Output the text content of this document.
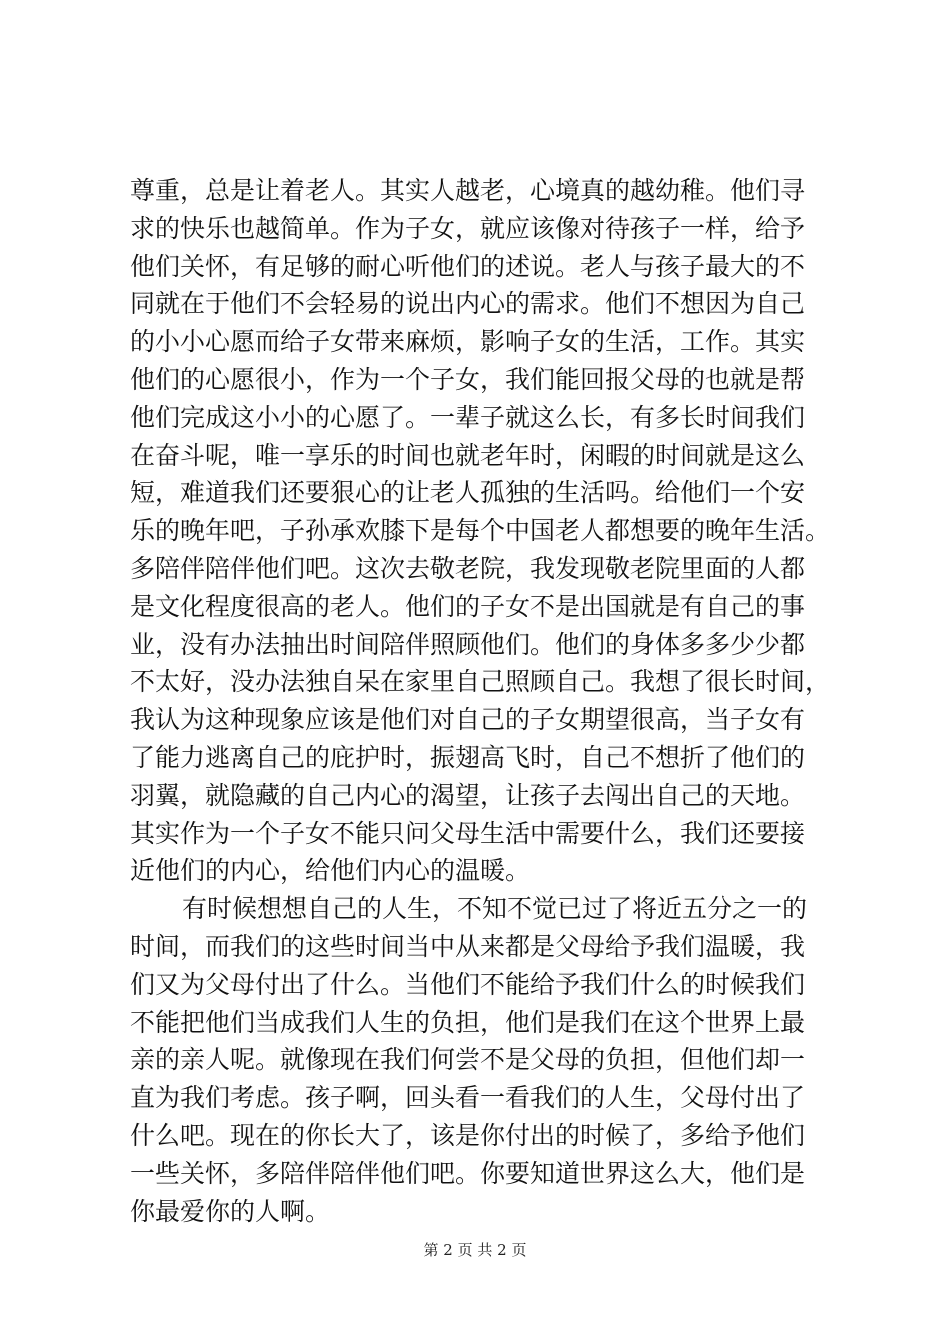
尊重，总是让着老人。其实人越老，心境真的越幼稚。他们寻
求的快乐也越简单。作为子女，就应该像对待孩子一样，给予
他们关怀，有足够的耐心听他们的述说。老人与孩子最大的不
同就在于他们不会轻易的说出内心的需求。他们不想因为自己
的小小心愿而给子女带来麻烦，影响子女的生活，工作。其实
他们的心愿很小，作为一个子女，我们能回报父母的也就是帮
他们完成这小小的心愿了。一辈子就这么长，有多长时间我们
在奋斗呢，唯一享乐的时间也就老年时，闲暇的时间就是这么
短，难道我们还要狠心的让老人孤独的生活吗。给他们一个安
乐的晚年吧，子孙承欢膝下是每个中国老人都想要的晚年生活。
多陪伴陪伴他们吧。这次去敬老院，我发现敬老院里面的人都
是文化程度很高的老人。他们的子女不是出国就是有自己的事
业，没有办法抽出时间陪伴照顾他们。他们的身体多多少少都
不太好，没办法独自呆在家里自己照顾自己。我想了很长时间，
我认为这种现象应该是他们对自己的子女期望很高，当子女有
了能力逃离自己的庇护时，振翅高飞时，自己不想折了他们的
羽翼，就隐藏的自己内心的渴望，让孩子去闯出自己的天地。
其实作为一个子女不能只问父母生活中需要什么，我们还要接
近他们的内心，给他们内心的温暖。
有时候想想自己的人生，不知不觉已过了将近五分之一的
时间，而我们的这些时间当中从来都是父母给予我们温暖，我
们又为父母付出了什么。当他们不能给予我们什么的时候我们
不能把他们当成我们人生的负担，他们是我们在这个世界上最
亲的亲人呢。就像现在我们何尝不是父母的负担，但他们却一
直为我们考虑。孩子啊，回头看一看我们的人生，父母付出了
什么吧。现在的你长大了，该是你付出的时候了，多给予他们
一些关怀，多陪伴陪伴他们吧。你要知道世界这么大，他们是
你最爱你的人啊。
第 2 页 共 2 页
